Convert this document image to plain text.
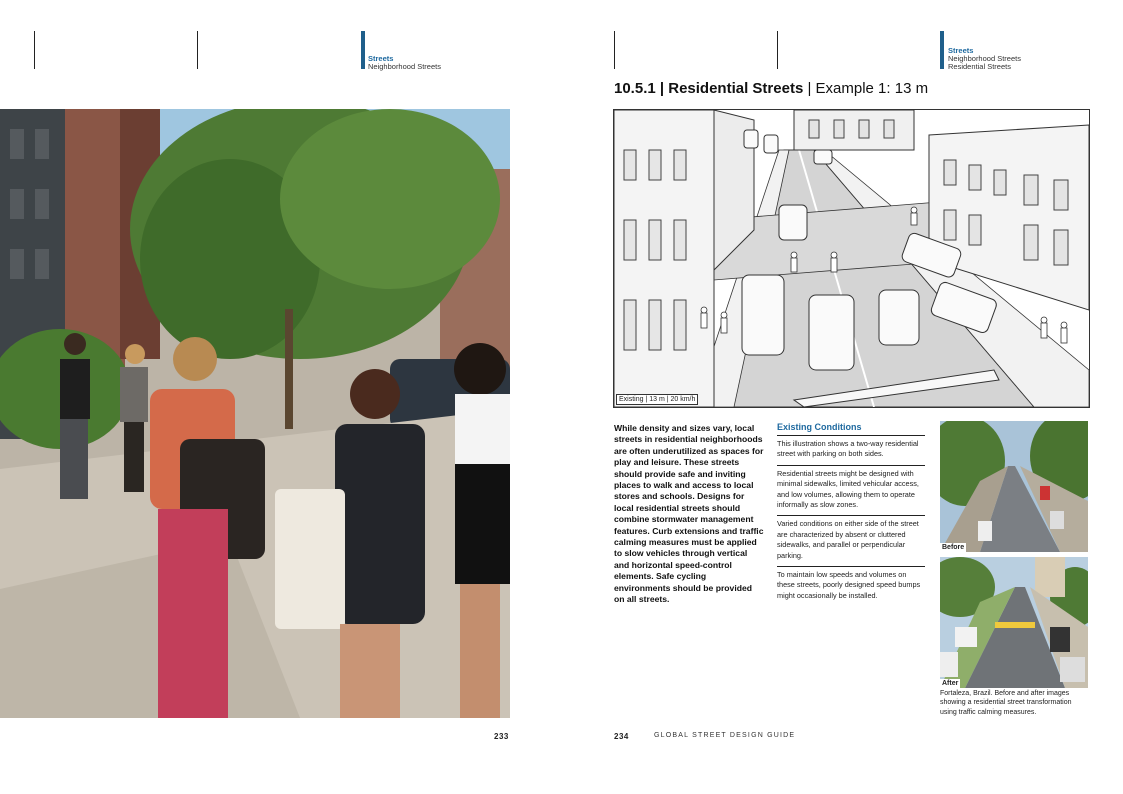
Streets
Neighborhood Streets
Streets
Neighborhood Streets
Residential Streets
10.5.1 | Residential Streets | Example 1: 13 m
Existing | 13 m | 20 km/h
While density and sizes vary, local streets in residential neighborhoods are often underutilized as spaces for play and leisure. These streets should provide safe and inviting places to walk and access to local stores and schools. Designs for local residential streets should combine stormwater management features. Curb extensions and traffic calming measures must be applied to slow vehicles through vertical and horizontal speed-control elements. Safe cycling environments should be provided on all streets.
Existing Conditions

This illustration shows a two-way residential street with parking on both sides.

Residential streets might be designed with minimal sidewalks, limited vehicular access, and low volumes, allowing them to operate informally as slow zones.

Varied conditions on either side of the street are characterized by absent or cluttered sidewalks, and parallel or perpendicular parking.

To maintain low speeds and volumes on these streets, poorly designed speed bumps might occasionally be installed.

Before
After
Fortaleza, Brazil. Before and after images showing a residential street transformation using traffic calming measures.
233	234	GLOBAL STREET DESIGN GUIDE
